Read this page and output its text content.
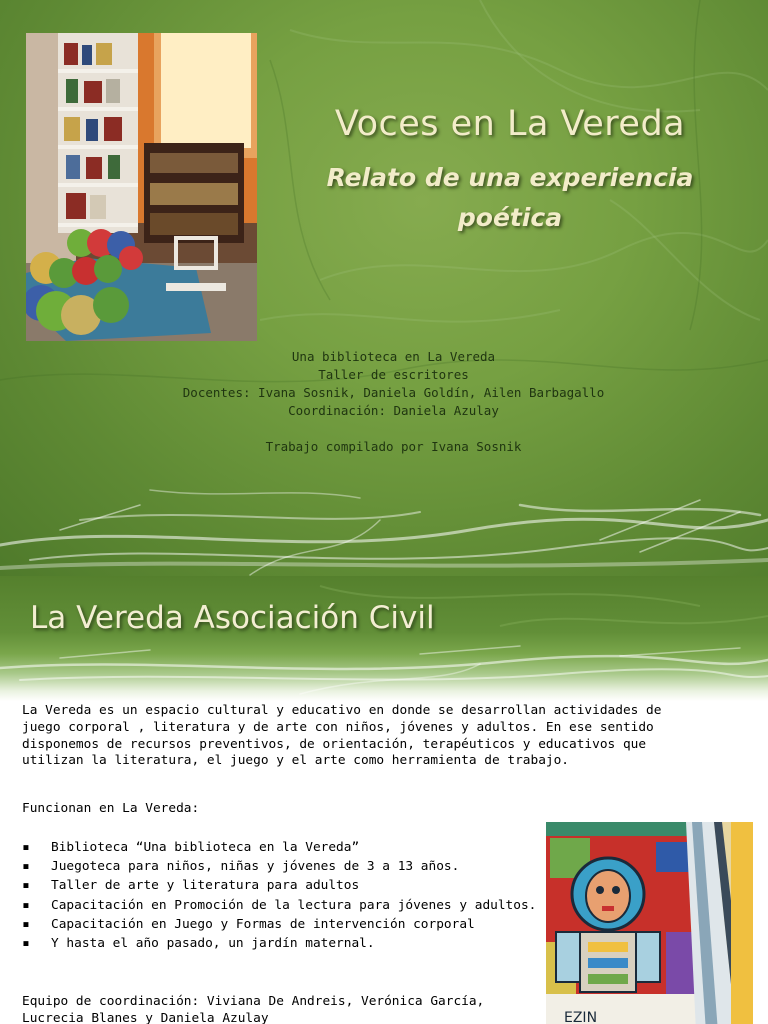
Voces en La Vereda
Relato de una experiencia poética
Una biblioteca en La Vereda
Taller de escritores
Docentes: Ivana Sosnik, Daniela Goldín, Ailen Barbagallo
Coordinación: Daniela Azulay
Trabajo compilado por Ivana Sosnik
La Vereda Asociación Civil

La Vereda es un espacio cultural y educativo en donde se desarrollan actividades de juego corporal , literatura y de arte con niños, jóvenes y adultos. En ese sentido disponemos de recursos preventivos, de orientación, terapéuticos y educativos que utilizan la literatura, el juego y el arte como herramienta de trabajo.

Funcionan en La Vereda:

▪ Biblioteca “Una biblioteca en la Vereda”
▪ Juegoteca para niños, niñas y jóvenes de 3 a 13 años.
▪ Taller de arte y literatura para adultos
▪ Capacitación en Promoción de la lectura para jóvenes y adultos.
▪ Capacitación en Juego y Formas de intervención corporal
▪ Y hasta el año pasado, un jardín maternal.

Equipo de coordinación: Viviana De Andreis, Verónica García, Lucrecia Blanes y Daniela Azulay	EZIN
